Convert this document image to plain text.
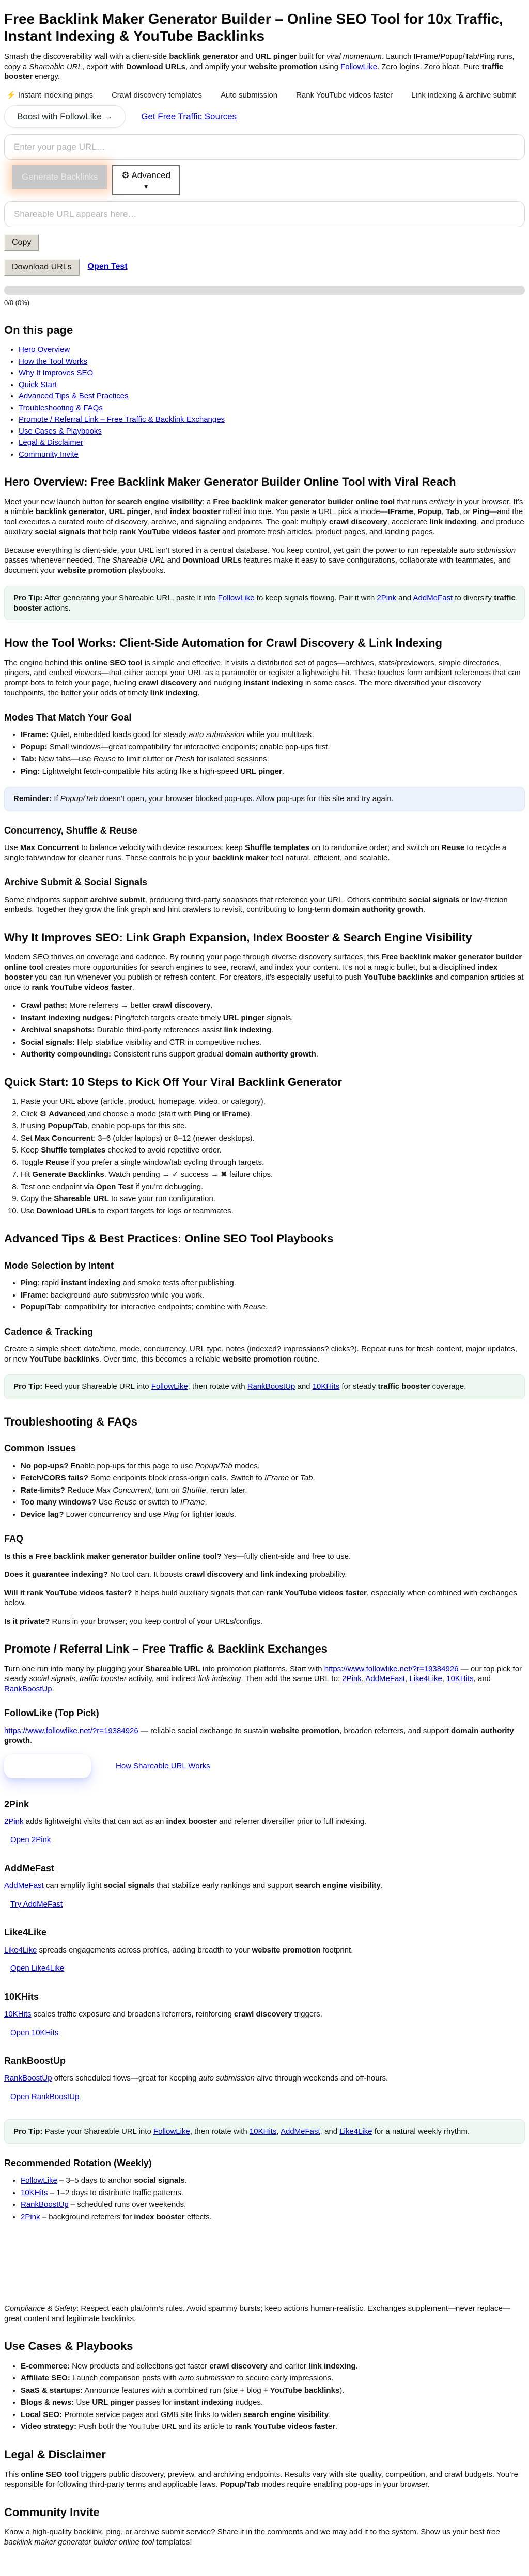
Free Backlink Maker Generator Builder – Online SEO Tool for 10x Traffic, Instant Indexing & YouTube Backlinks

Smash the discoverability wall with a client-side backlink generator and URL pinger built for viral momentum. Launch IFrame/Popup/Tab/Ping runs, copy a Shareable URL, export with Download URLs, and amplify your website promotion using FollowLike. Zero logins. Zero bloat. Pure traffic booster energy.

⚡ Instant indexing pings Crawl discovery templates Auto submission Rank YouTube videos faster Link indexing & archive submit
Boost with FollowLike →	Get Free Traffic Sources
Enter your page URL…
Generate Backlinks	⚙ Advanced
▼
Shareable URL appears here…
Copy
Download URLs	Open Test
0/0 (0%)
On this page
• Hero Overview
• How the Tool Works
• Why It Improves SEO
• Quick Start
• Advanced Tips & Best Practices
• Troubleshooting & FAQs
• Promote / Referral Link – Free Traffic & Backlink Exchanges
• Use Cases & Playbooks
• Legal & Disclaimer
• Community Invite
Hero Overview: Free Backlink Maker Generator Builder Online Tool with Viral Reach

Meet your new launch button for search engine visibility: a Free backlink maker generator builder online tool that runs entirely in your browser. It’s a nimble backlink generator, URL pinger, and index booster rolled into one. You paste a URL, pick a mode—IFrame, Popup, Tab, or Ping—and the tool executes a curated route of discovery, archive, and signaling endpoints. The goal: multiply crawl discovery, accelerate link indexing, and produce auxiliary social signals that help rank YouTube videos faster and promote fresh articles, product pages, and landing pages.

Because everything is client-side, your URL isn’t stored in a central database. You keep control, yet gain the power to run repeatable auto submission passes whenever needed. The Shareable URL and Download URLs features make it easy to save configurations, collaborate with teammates, and document your website promotion playbooks.

Pro Tip: After generating your Shareable URL, paste it into FollowLike to keep signals flowing. Pair it with 2Pink and AddMeFast to diversify traffic booster actions.
How the Tool Works: Client-Side Automation for Crawl Discovery & Link Indexing

The engine behind this online SEO tool is simple and effective. It visits a distributed set of pages—archives, stats/previewers, simple directories, pingers, and embed viewers—that either accept your URL as a parameter or register a lightweight hit. These touches form ambient references that can prompt bots to fetch your page, fueling crawl discovery and nudging instant indexing in some cases. The more diversified your discovery touchpoints, the better your odds of timely link indexing.

Modes That Match Your Goal
• IFrame: Quiet, embedded loads good for steady auto submission while you multitask.
• Popup: Small windows—great compatibility for interactive endpoints; enable pop-ups first.
• Tab: New tabs—use Reuse to limit clutter or Fresh for isolated sessions.
• Ping: Lightweight fetch-compatible hits acting like a high-speed URL pinger.
Reminder: If Popup/Tab doesn’t open, your browser blocked pop-ups. Allow pop-ups for this site and try again.
Concurrency, Shuffle & Reuse

Use Max Concurrent to balance velocity with device resources; keep Shuffle templates on to randomize order; and switch on Reuse to recycle a single tab/window for cleaner runs. These controls help your backlink maker feel natural, efficient, and scalable.

Archive Submit & Social Signals

Some endpoints support archive submit, producing third-party snapshots that reference your URL. Others contribute social signals or low-friction embeds. Together they grow the link graph and hint crawlers to revisit, contributing to long-term domain authority growth.

Why It Improves SEO: Link Graph Expansion, Index Booster & Search Engine Visibility

Modern SEO thrives on coverage and cadence. By routing your page through diverse discovery surfaces, this Free backlink maker generator builder online tool creates more opportunities for search engines to see, recrawl, and index your content. It’s not a magic bullet, but a disciplined index booster you can run whenever you publish or refresh content. For creators, it’s especially useful to push YouTube backlinks and companion articles at once to rank YouTube videos faster.

• Crawl paths: More referrers → better crawl discovery.
• Instant indexing nudges: Ping/fetch targets create timely URL pinger signals.
• Archival snapshots: Durable third-party references assist link indexing.
• Social signals: Help stabilize visibility and CTR in competitive niches.
• Authority compounding: Consistent runs support gradual domain authority growth.
Quick Start: 10 Steps to Kick Off Your Viral Backlink Generator
1. Paste your URL above (article, product, homepage, video, or category).
2. Click ⚙ Advanced and choose a mode (start with Ping or IFrame).
3. If using Popup/Tab, enable pop-ups for this site.
4. Set Max Concurrent: 3–6 (older laptops) or 8–12 (newer desktops).
5. Keep Shuffle templates checked to avoid repetitive order.
6. Toggle Reuse if you prefer a single window/tab cycling through targets.
7. Hit Generate Backlinks. Watch pending → ✓ success → ✖ failure chips.
8. Test one endpoint via Open Test if you’re debugging.
9. Copy the Shareable URL to save your run configuration.
10. Use Download URLs to export targets for logs or teammates.
Advanced Tips & Best Practices: Online SEO Tool Playbooks
Mode Selection by Intent
• Ping: rapid instant indexing and smoke tests after publishing.
• IFrame: background auto submission while you work.
• Popup/Tab: compatibility for interactive endpoints; combine with Reuse.
Cadence & Tracking

Create a simple sheet: date/time, mode, concurrency, URL type, notes (indexed? impressions? clicks?). Repeat runs for fresh content, major updates, or new YouTube backlinks. Over time, this becomes a reliable website promotion routine.

Pro Tip: Feed your Shareable URL into FollowLike, then rotate with RankBoostUp and 10KHits for steady traffic booster coverage.
Troubleshooting & FAQs
Common Issues
• No pop-ups? Enable pop-ups for this page to use Popup/Tab modes.
• Fetch/CORS fails? Some endpoints block cross-origin calls. Switch to IFrame or Tab.
• Rate-limits? Reduce Max Concurrent, turn on Shuffle, rerun later.
• Too many windows? Use Reuse or switch to IFrame.
• Device lag? Lower concurrency and use Ping for lighter loads.
FAQ

Is this a Free backlink maker generator builder online tool? Yes—fully client-side and free to use.

Does it guarantee indexing? No tool can. It boosts crawl discovery and link indexing probability.

Will it rank YouTube videos faster? It helps build auxiliary signals that can rank YouTube videos faster, especially when combined with exchanges below.

Is it private? Runs in your browser; you keep control of your URLs/configs.

Promote / Referral Link – Free Traffic & Backlink Exchanges

Turn one run into many by plugging your Shareable URL into promotion platforms. Start with https://www.followlike.net/?r=19384926 — our top pick for steady social signals, traffic booster activity, and indirect link indexing. Then add the same URL to: 2Pink, AddMeFast, Like4Like, 10KHits, and RankBoostUp.

FollowLike (Top Pick)

https://www.followlike.net/?r=19384926 — reliable social exchange to sustain website promotion, broaden referrers, and support domain authority growth.

How Shareable URL Works
2Pink

2Pink adds lightweight visits that can act as an index booster and referrer diversifier prior to full indexing.

Open 2Pink

AddMeFast

AddMeFast can amplify light social signals that stabilize early rankings and support search engine visibility.

Try AddMeFast

Like4Like

Like4Like spreads engagements across profiles, adding breadth to your website promotion footprint.

Open Like4Like

10KHits

10KHits scales traffic exposure and broadens referrers, reinforcing crawl discovery triggers.

Open 10KHits

RankBoostUp

RankBoostUp offers scheduled flows—great for keeping auto submission alive through weekends and off-hours.

Open RankBoostUp

Pro Tip: Paste your Shareable URL into FollowLike, then rotate with 10KHits, AddMeFast, and Like4Like for a natural weekly rhythm.
Recommended Rotation (Weekly)
• FollowLike – 3–5 days to anchor social signals.
• 10KHits – 1–2 days to distribute traffic patterns.
• RankBoostUp – scheduled runs over weekends.
• 2Pink – background referrers for index booster effects.

Compliance & Safety: Respect each platform’s rules. Avoid spammy bursts; keep actions human-realistic. Exchanges supplement—never replace—great content and legitimate backlinks.

Use Cases & Playbooks
• E-commerce: New products and collections get faster crawl discovery and earlier link indexing.
• Affiliate SEO: Launch comparison posts with auto submission to secure early impressions.
• SaaS & startups: Announce features with a combined run (site + blog + YouTube backlinks).
• Blogs & news: Use URL pinger passes for instant indexing nudges.
• Local SEO: Promote service pages and GMB site links to widen search engine visibility.
• Video strategy: Push both the YouTube URL and its article to rank YouTube videos faster.
Legal & Disclaimer

This online SEO tool triggers public discovery, preview, and archiving endpoints. Results vary with site quality, competition, and crawl budgets. You’re responsible for following third-party terms and applicable laws. Popup/Tab modes require enabling pop-ups in your browser.

Community Invite

Know a high-quality backlink, ping, or archive submit service? Share it in the comments and we may add it to the system. Show us your best free backlink maker generator builder online tool templates!
